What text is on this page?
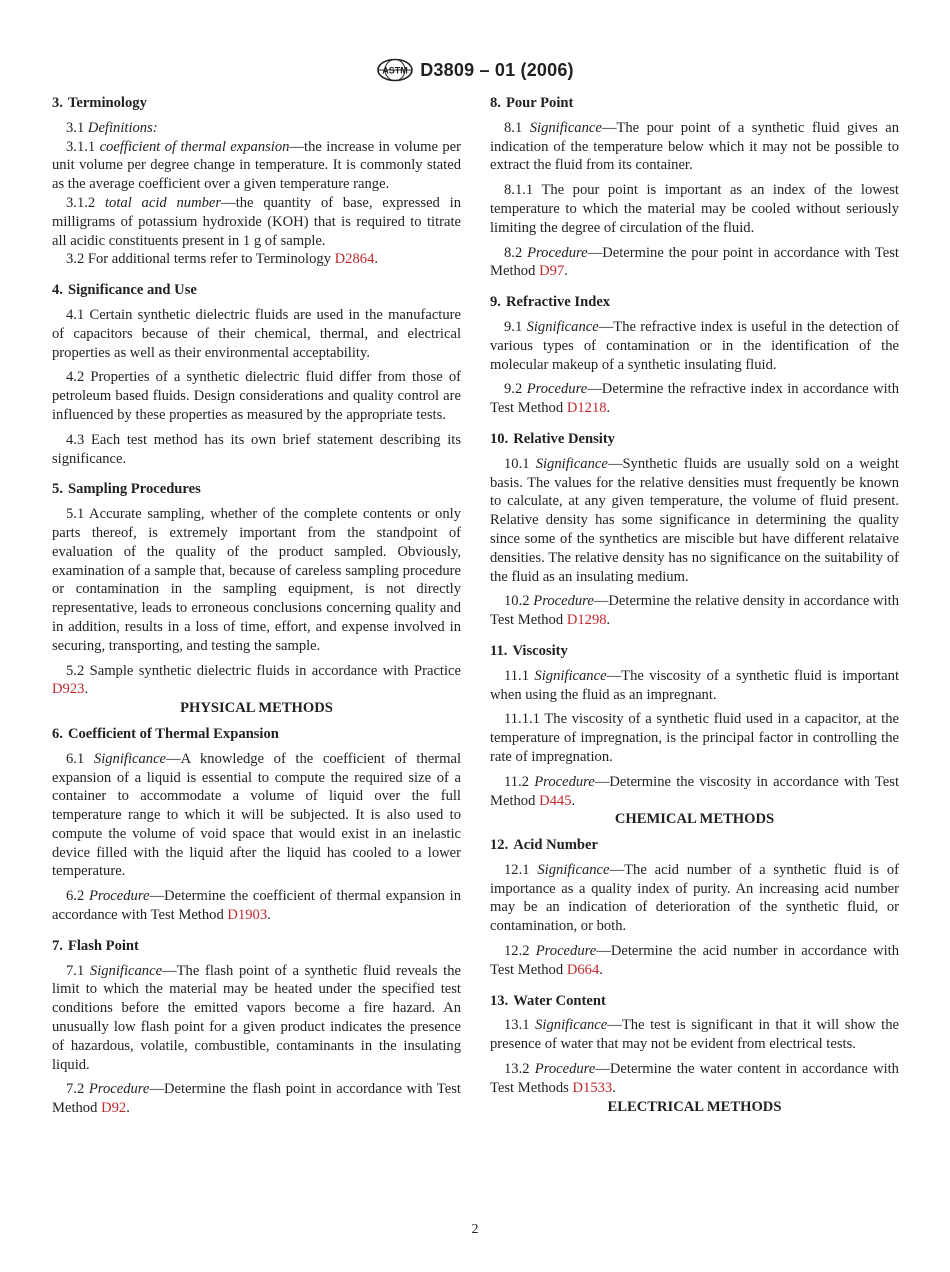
ASTM D3809 – 01 (2006)
3. Terminology

3.1 Definitions:

3.1.1 coefficient of thermal expansion—the increase in volume per unit volume per degree change in temperature. It is commonly stated as the average coefficient over a given temperature range.

3.1.2 total acid number—the quantity of base, expressed in milligrams of potassium hydroxide (KOH) that is required to titrate all acidic constituents present in 1 g of sample.

3.2 For additional terms refer to Terminology D2864.

4. Significance and Use

4.1 Certain synthetic dielectric fluids are used in the manufacture of capacitors because of their chemical, thermal, and electrical properties as well as their environmental acceptability.

4.2 Properties of a synthetic dielectric fluid differ from those of petroleum based fluids. Design considerations and quality control are influenced by these properties as measured by the appropriate tests.

4.3 Each test method has its own brief statement describing its significance.

5. Sampling Procedures

5.1 Accurate sampling, whether of the complete contents or only parts thereof, is extremely important from the standpoint of evaluation of the quality of the product sampled. Obviously, examination of a sample that, because of careless sampling procedure or contamination in the sampling equipment, is not directly representative, leads to erroneous conclusions concerning quality and in addition, results in a loss of time, effort, and expense involved in securing, transporting, and testing the sample.

5.2 Sample synthetic dielectric fluids in accordance with Practice D923.

PHYSICAL METHODS
6. Coefficient of Thermal Expansion

6.1 Significance—A knowledge of the coefficient of thermal expansion of a liquid is essential to compute the required size of a container to accommodate a volume of liquid over the full temperature range to which it will be subjected. It is also used to compute the volume of void space that would exist in an inelastic device filled with the liquid after the liquid has cooled to a lower temperature.

6.2 Procedure—Determine the coefficient of thermal expansion in accordance with Test Method D1903.

7. Flash Point

7.1 Significance—The flash point of a synthetic fluid reveals the limit to which the material may be heated under the specified test conditions before the emitted vapors become a fire hazard. An unusually low flash point for a given product indicates the presence of hazardous, volatile, combustible, contaminants in the insulating liquid.

7.2 Procedure—Determine the flash point in accordance with Test Method D92.

8. Pour Point

8.1 Significance—The pour point of a synthetic fluid gives an indication of the temperature below which it may not be possible to extract the fluid from its container.

8.1.1 The pour point is important as an index of the lowest temperature to which the material may be cooled without seriously limiting the degree of circulation of the fluid.

8.2 Procedure—Determine the pour point in accordance with Test Method D97.

9. Refractive Index

9.1 Significance—The refractive index is useful in the detection of various types of contamination or in the identification of the molecular makeup of a synthetic insulating fluid.

9.2 Procedure—Determine the refractive index in accordance with Test Method D1218.

10. Relative Density

10.1 Significance—Synthetic fluids are usually sold on a weight basis. The values for the relative densities must frequently be known to calculate, at any given temperature, the volume of fluid present. Relative density has some significance in determining the quality since some of the synthetics are miscible but have different relataive densities. The relative density has no significance on the suitability of the fluid as an insulating medium.

10.2 Procedure—Determine the relative density in accordance with Test Method D1298.

11. Viscosity

11.1 Significance—The viscosity of a synthetic fluid is important when using the fluid as an impregnant.

11.1.1 The viscosity of a synthetic fluid used in a capacitor, at the temperature of impregnation, is the principal factor in controlling the rate of impregnation.

11.2 Procedure—Determine the viscosity in accordance with Test Method D445.

CHEMICAL METHODS
12. Acid Number

12.1 Significance—The acid number of a synthetic fluid is of importance as a quality index of purity. An increasing acid number may be an indication of deterioration of the synthetic fluid, or contamination, or both.

12.2 Procedure—Determine the acid number in accordance with Test Method D664.

13. Water Content

13.1 Significance—The test is significant in that it will show the presence of water that may not be evident from electrical tests.

13.2 Procedure—Determine the water content in accordance with Test Methods D1533.

ELECTRICAL METHODS
2
